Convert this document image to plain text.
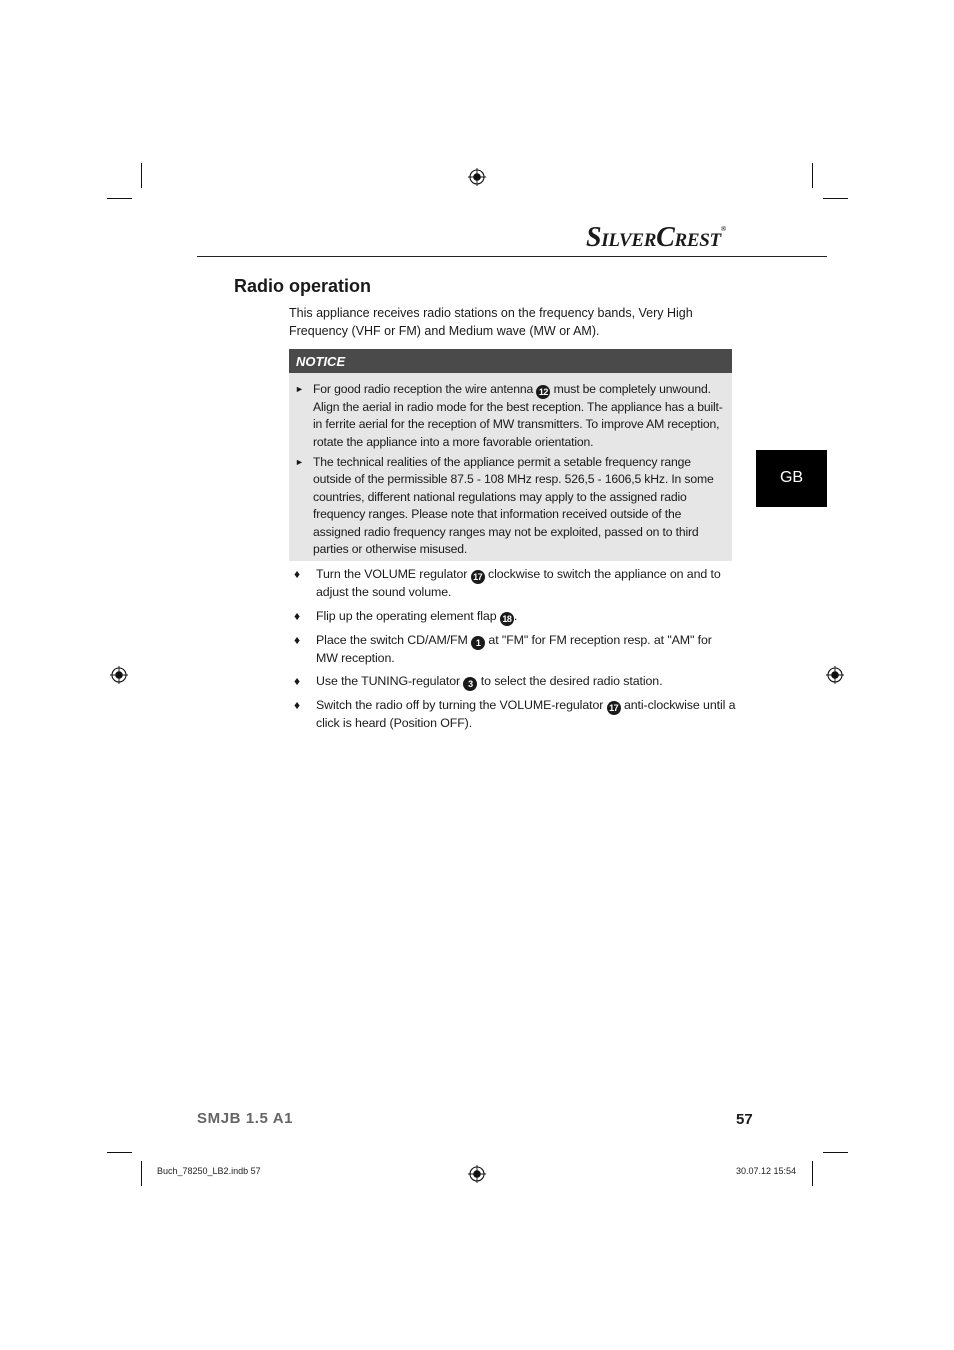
SILVERCREST®
Radio operation
This appliance receives radio stations on the frequency bands, Very High Frequency (VHF or FM) and Medium wave (MW or AM).
NOTICE
► For good radio reception the wire antenna 12 must be completely unwound. Align the aerial in radio mode for the best reception. The appliance has a built-in ferrite aerial for the reception of MW transmitters. To improve AM reception, rotate the appliance into a more favorable orientation.
► The technical realities of the appliance permit a setable frequency range outside of the permissible 87.5 - 108 MHz resp. 526,5 - 1606,5 kHz. In some countries, different national regulations may apply to the assigned radio frequency ranges. Please note that information received outside of the assigned radio frequency ranges may not be exploited, passed on to third parties or otherwise misused.
♦ Turn the VOLUME regulator 17 clockwise to switch the appliance on and to adjust the sound volume.
♦ Flip up the operating element flap 18 .
♦ Place the switch CD/AM/FM 1 at "FM" for FM reception resp. at "AM" for MW reception.
♦ Use the TUNING-regulator 3 to select the desired radio station.
♦ Switch the radio off by turning the VOLUME-regulator 17 anti-clockwise until a click is heard (Position OFF).
GB
SMJB 1.5 A1	57
Buch_78250_LB2.indb 57	30.07.12 15:54
